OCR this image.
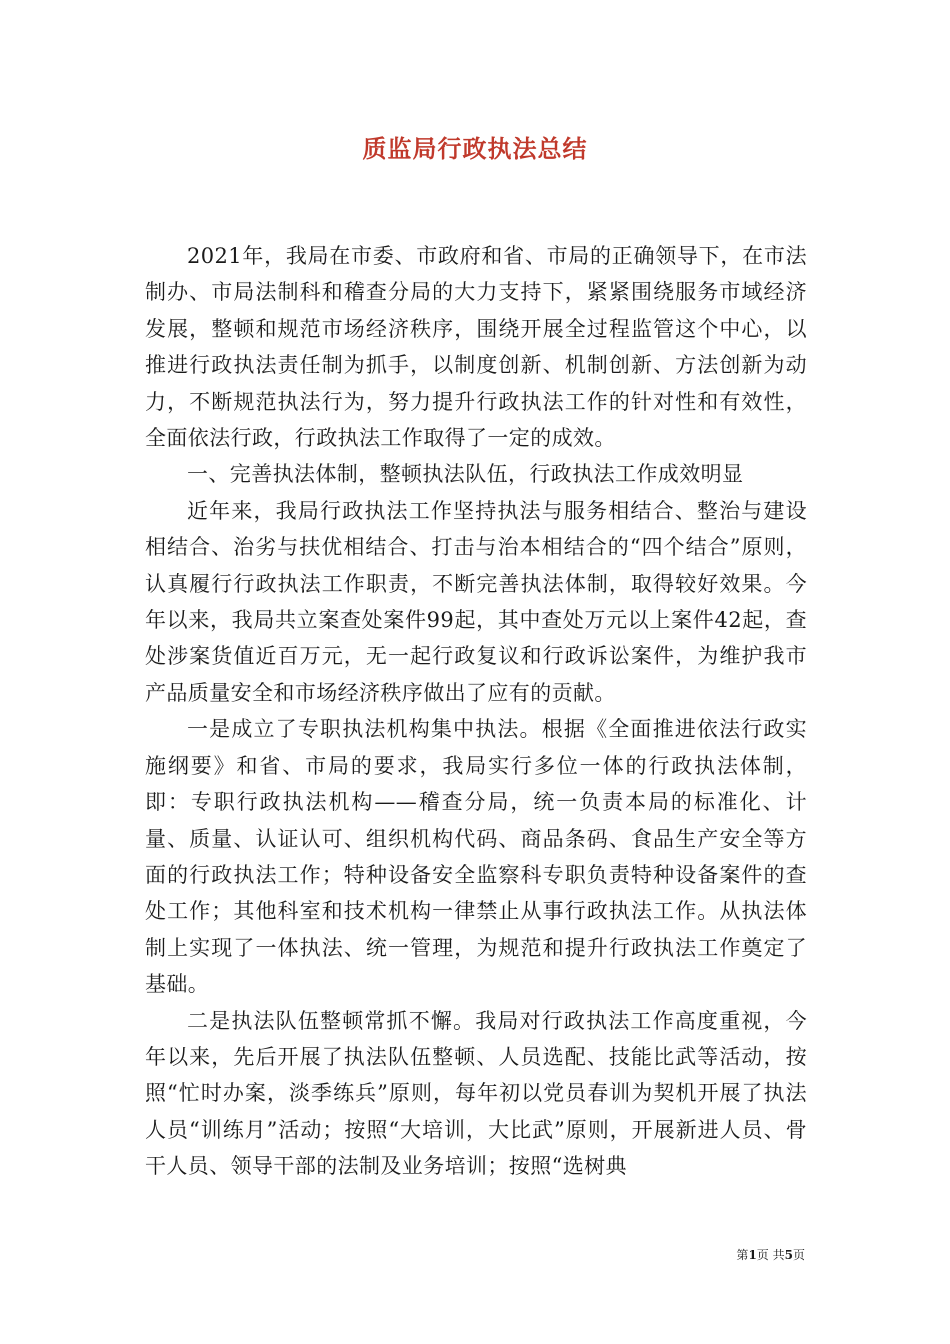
质监局行政执法总结

2021年，我局在市委、市政府和省、市局的正确领导下，在市法制办、市局法制科和稽查分局的大力支持下，紧紧围绕服务市域经济发展，整顿和规范市场经济秩序，围绕开展全过程监管这个中心，以推进行政执法责任制为抓手，以制度创新、机制创新、方法创新为动力，不断规范执法行为，努力提升行政执法工作的针对性和有效性，全面依法行政，行政执法工作取得了一定的成效。

一、完善执法体制，整顿执法队伍，行政执法工作成效明显

近年来，我局行政执法工作坚持执法与服务相结合、整治与建设相结合、治劣与扶优相结合、打击与治本相结合的“四个结合”原则，认真履行行政执法工作职责，不断完善执法体制，取得较好效果。今年以来，我局共立案查处案件99起，其中查处万元以上案件42起，查处涉案货值近百万元，无一起行政复议和行政诉讼案件，为维护我市产品质量安全和市场经济秩序做出了应有的贡献。

一是成立了专职执法机构集中执法。根据《全面推进依法行政实施纲要》和省、市局的要求，我局实行多位一体的行政执法体制，即：专职行政执法机构——稽查分局，统一负责本局的标准化、计量、质量、认证认可、组织机构代码、商品条码、食品生产安全等方面的行政执法工作；特种设备安全监察科专职负责特种设备案件的查处工作；其他科室和技术机构一律禁止从事行政执法工作。从执法体制上实现了一体执法、统一管理，为规范和提升行政执法工作奠定了基础。

二是执法队伍整顿常抓不懈。我局对行政执法工作高度重视，今年以来，先后开展了执法队伍整顿、人员选配、技能比武等活动，按照“忙时办案，淡季练兵”原则，每年初以党员春训为契机开展了执法人员“训练月”活动；按照“大培训，大比武”原则，开展新进人员、骨干人员、领导干部的法制及业务培训；按照“选树典

第1页 共5页
